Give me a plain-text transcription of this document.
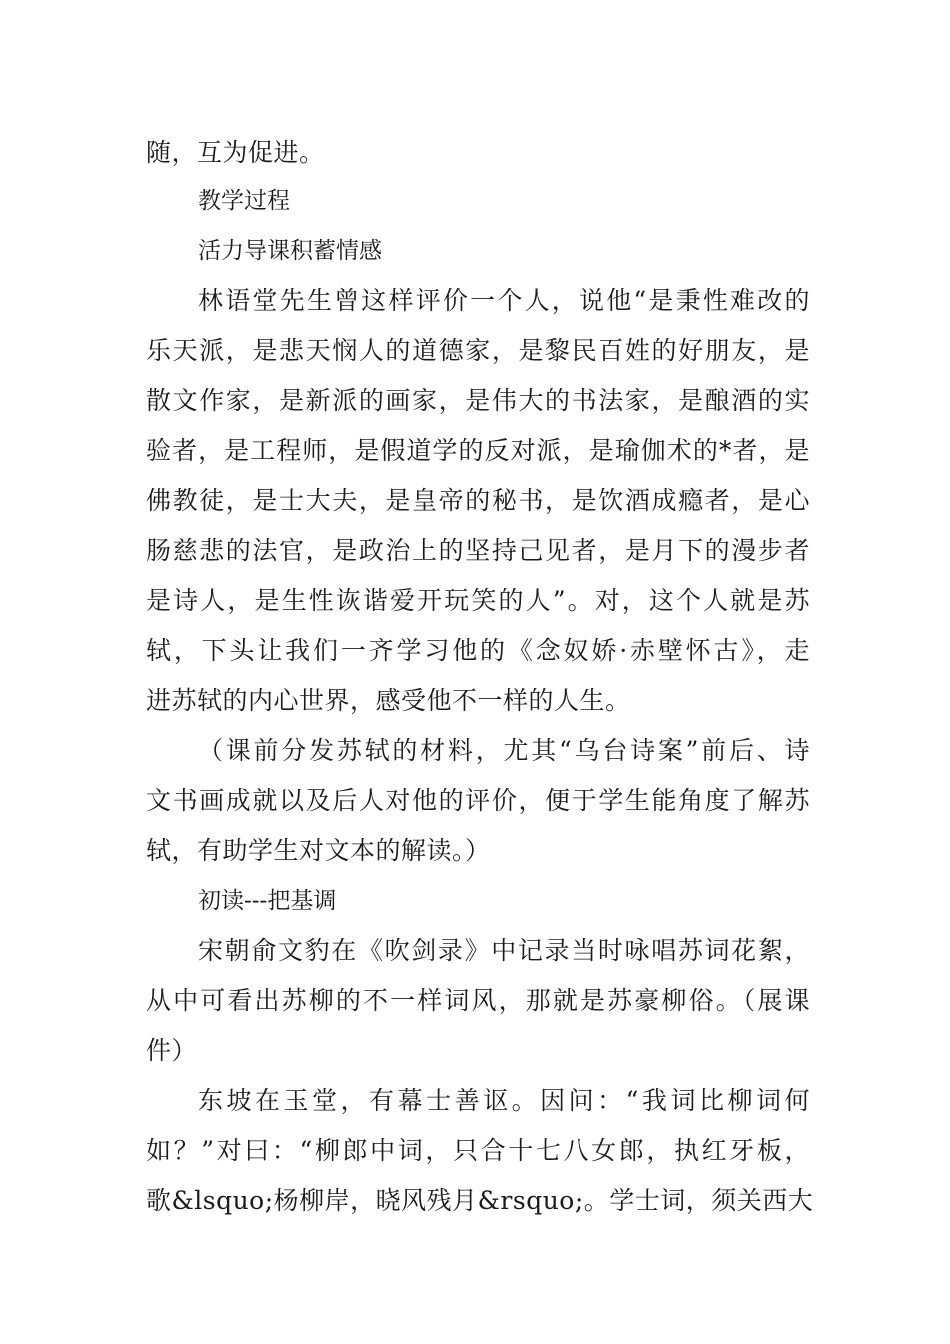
随，互为促进。
教学过程
活力导课积蓄情感
林语堂先生曾这样评价一个人，说他“是秉性难改的
乐天派，是悲天悯人的道德家，是黎民百姓的好朋友，是
散文作家，是新派的画家，是伟大的书法家，是酿酒的实
验者，是工程师，是假道学的反对派，是瑜伽术的*者，是
佛教徒，是士大夫，是皇帝的秘书，是饮酒成瘾者，是心
肠慈悲的法官，是政治上的坚持己见者，是月下的漫步者
是诗人，是生性诙谐爱开玩笑的人”。对，这个人就是苏
轼，下头让我们一齐学习他的《念奴娇·赤壁怀古》，走
进苏轼的内心世界，感受他不一样的人生。
（课前分发苏轼的材料，尤其“乌台诗案”前后、诗
文书画成就以及后人对他的评价，便于学生能角度了解苏
轼，有助学生对文本的解读。）
初读---把基调
宋朝俞文豹在《吹剑录》中记录当时咏唱苏词花絮，
从中可看出苏柳的不一样词风，那就是苏豪柳俗。（展课
件）
东坡在玉堂，有幕士善讴。因问：“我词比柳词何
如？”对曰：“柳郎中词，只合十七八女郎，执红牙板，
歌&lsquo;杨柳岸，晓风残月&rsquo;。学士词，须关西大
